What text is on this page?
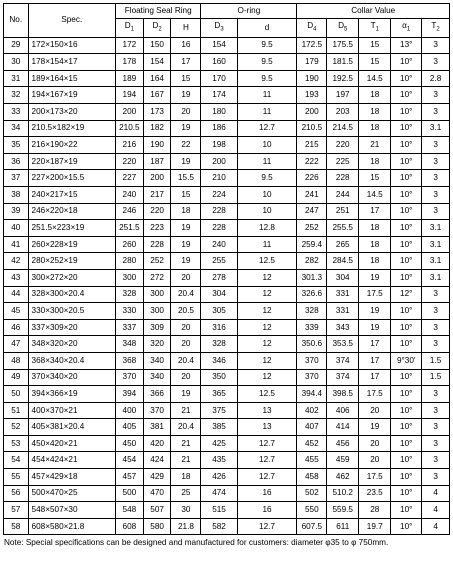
No.	Spec.	Floating Seal Ring			O-ring		Collar Value				
		$D_1$	$D_2$	H	$D_3$	d	$D_4$	$D_5$	$T_1$	$\alpha_1$	$T_2$
29	172×150×16	172	150	16	154	9.5	172.5	175.5	15	13°	3
30	178×154×17	178	154	17	160	9.5	179	181.5	15	10°	3
31	189×164×15	189	164	15	170	9.5	190	192.5	14.5	10°	2.8
32	194×167×19	194	167	19	174	11	193	197	18	10°	3
33	200×173×20	200	173	20	180	11	200	203	18	10°	3
34	210.5×182×19	210.5	182	19	186	12.7	210.5	214.5	18	10°	3.1
35	216×190×22	216	190	22	198	10	215	220	21	10°	3
36	220×187×19	220	187	19	200	11	222	225	18	10°	3
37	227×200×15.5	227	200	15.5	210	9.5	226	228	15	10°	3
38	240×217×15	240	217	15	224	10	241	244	14.5	10°	3
39	246×220×18	246	220	18	228	10	247	251	17	10°	3
40	251.5×223×19	251.5	223	19	228	12.8	252	255.5	18	10°	3.1
41	260×228×19	260	228	19	240	11	259.4	265	18	10°	3.1
42	280×252×19	280	252	19	255	12.5	282	284.5	18	10°	3.1
43	300×272×20	300	272	20	278	12	301.3	304	19	10°	3.1
44	328×300×20.4	328	300	20.4	304	12	326.6	331	17.5	12°	3
45	330×300×20.5	330	300	20.5	305	12	328	331	19	10°	3
46	337×309×20	337	309	20	316	12	339	343	19	10°	3
47	348×320×20	348	320	20	328	12	350.6	353.5	17	10°	3
48	368×340×20.4	368	340	20.4	346	12	370	374	17	9°30'	1.5
49	370×340×20	370	340	20	350	12	370	374	17	10°	1.5
50	394×366×19	394	366	19	365	12.5	394.4	398.5	17.5	10°	3
51	400×370×21	400	370	21	375	13	402	406	20	10°	3
52	405×381×20.4	405	381	20.4	385	13	407	414	19	10°	3
53	450×420×21	450	420	21	425	12.7	452	456	20	10°	3
54	454×424×21	454	424	21	435	12.7	455	459	20	10°	3
55	457×429×18	457	429	18	426	12.7	458	462	17.5	10°	3
56	500×470×25	500	470	25	474	16	502	510.2	23.5	10°	4
57	548×507×30	548	507	30	515	16	550	559.5	28	10°	4
58	608×580×21.8	608	580	21.8	582	12.7	607.5	611	19.7	10°	4
Note: Special specifications can be designed and manufactured for customers: diameter φ35 to φ 750mm.
